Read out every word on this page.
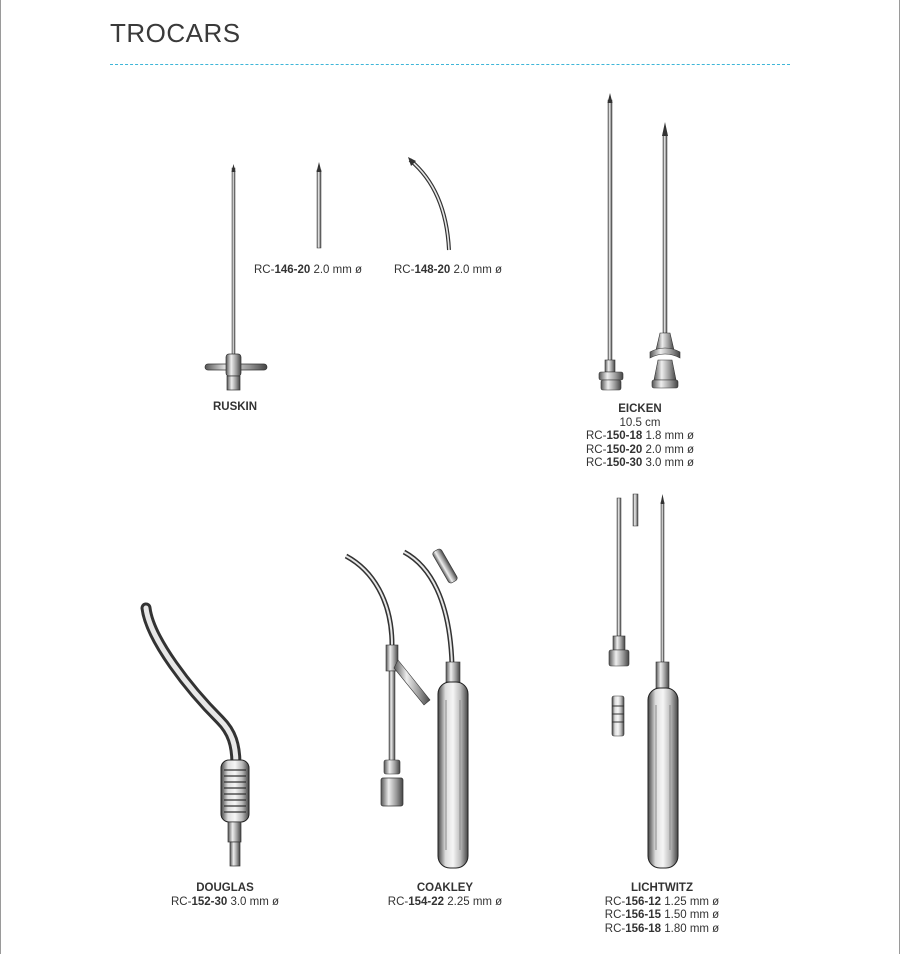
TROCARS
RC-146-20 2.0 mm ø	RC-148-20 2.0 mm ø
RUSKIN	EICKEN
10.5 cm
RC-150-18 1.8 mm ø
RC-150-20 2.0 mm ø
RC-150-30 3.0 mm ø
DOUGLAS
RC-152-30 3.0 mm ø
COAKLEY
RC-154-22 2.25 mm ø
LICHTWITZ
RC-156-12 1.25 mm ø
RC-156-15 1.50 mm ø
RC-156-18 1.80 mm ø
